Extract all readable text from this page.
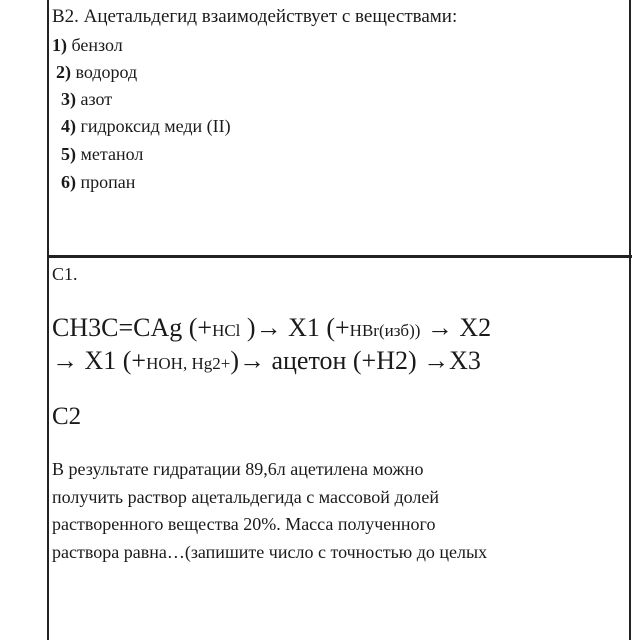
В2. Ацетальдегид взаимодействует с веществами:
1) бензол
2) водород
3) азот
4) гидроксид меди (II)
5) метанол
6) пропан
С1.
CH3C=CAg (+HCl )→ X1 (+HBr(изб)) → X2
→ X1 (+HOH, Hg2+)→ ацетон (+H2) →X3
С2
В результате гидратации 89,6л ацетилена можно
получить раствор ацетальдегида с массовой долей
растворенного вещества 20%. Масса полученного
раствора равна…(запишите число с точностью до целых
